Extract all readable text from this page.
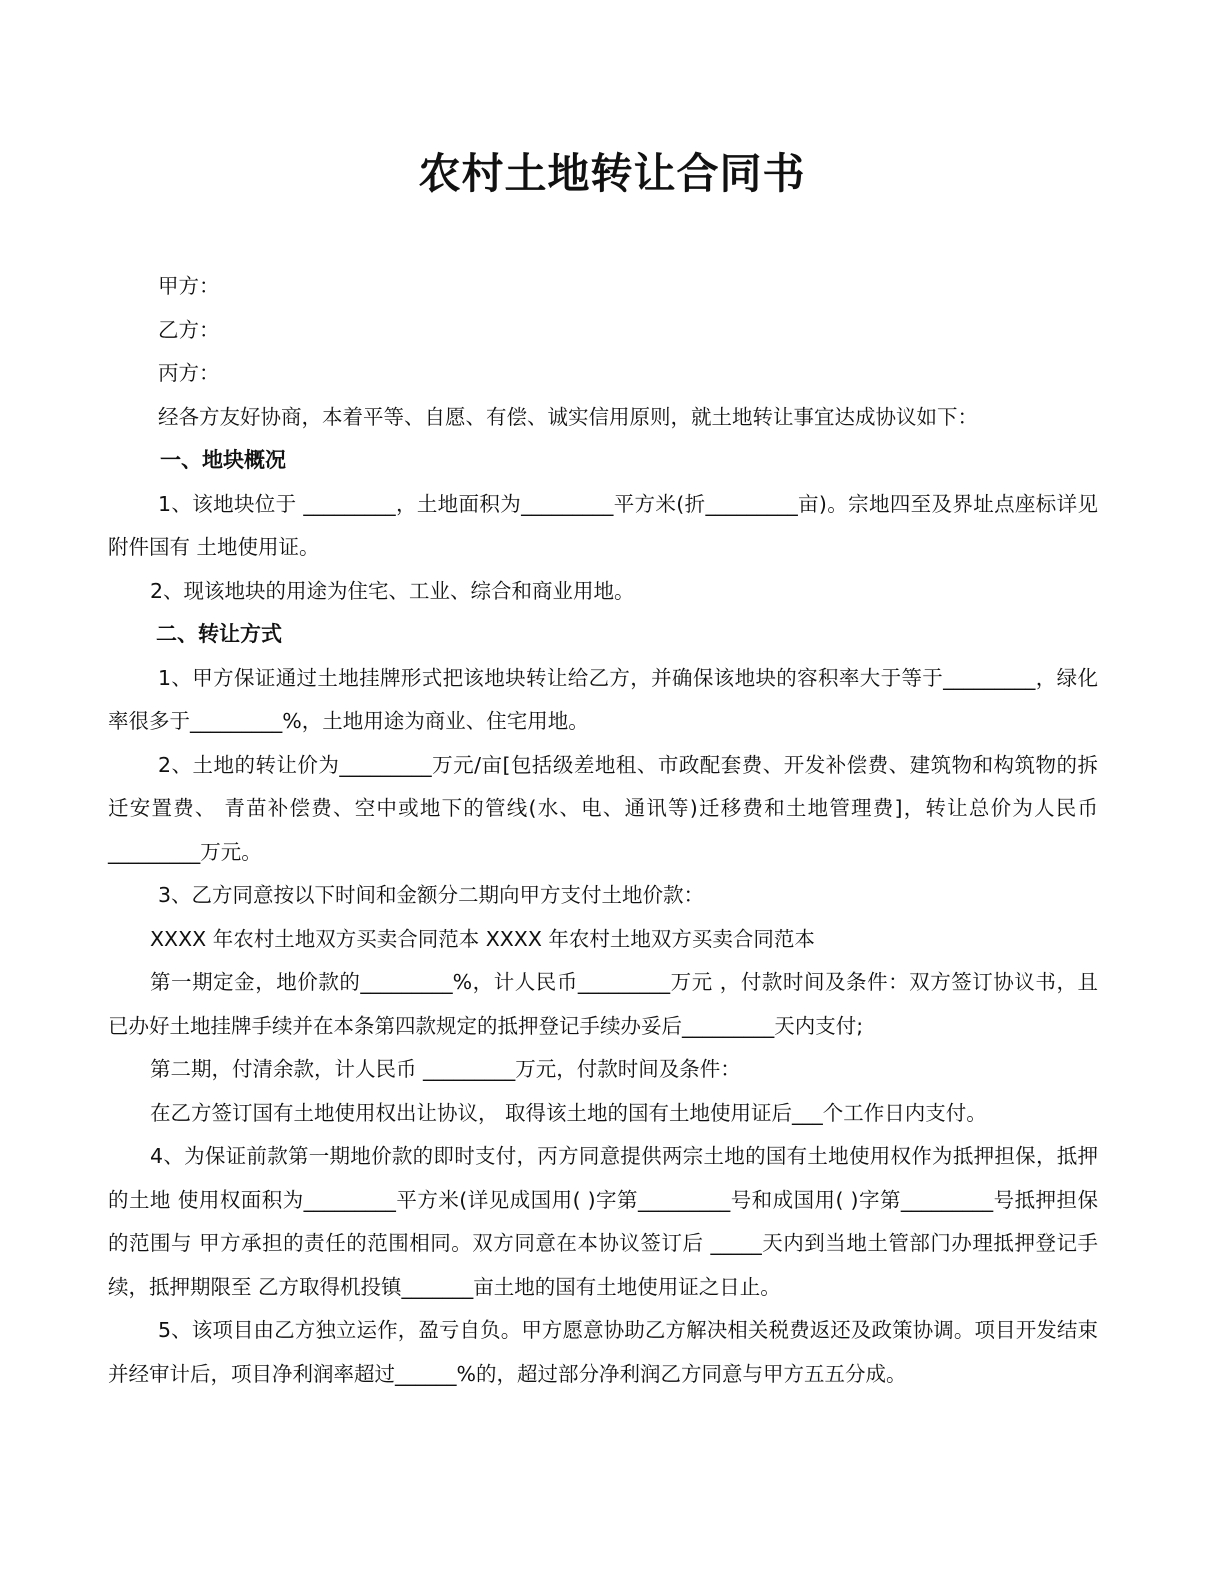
农村土地转让合同书

甲方：

乙方：

丙方：

经各方友好协商，本着平等、自愿、有偿、诚实信用原则，就土地转让事宜达成协议如下：

一、地块概况

1、该地块位于 _________，土地面积为_________平方米(折_________亩)。宗地四至及界址点座标详见附件国有 土地使用证。

2、现该地块的用途为住宅、工业、综合和商业用地。

二、转让方式

1、甲方保证通过土地挂牌形式把该地块转让给乙方，并确保该地块的容积率大于等于_________，绿化率很多于_________%，土地用途为商业、住宅用地。

2、土地的转让价为_________万元/亩[包括级差地租、市政配套费、开发补偿费、建筑物和构筑物的拆迁安置费、 青苗补偿费、空中或地下的管线(水、电、通讯等)迁移费和土地管理费]，转让总价为人民币_________万元。

3、乙方同意按以下时间和金额分二期向甲方支付土地价款：

XXXX 年农村土地双方买卖合同范本 XXXX 年农村土地双方买卖合同范本

第一期定金，地价款的_________%，计人民币_________万元 ，付款时间及条件：双方签订协议书，且已办好土地挂牌手续并在本条第四款规定的抵押登记手续办妥后_________天内支付;

第二期，付清余款，计人民币 _________万元，付款时间及条件：

在乙方签订国有土地使用权出让协议， 取得该土地的国有土地使用证后___个工作日内支付。

4、为保证前款第一期地价款的即时支付，丙方同意提供两宗土地的国有土地使用权作为抵押担保，抵押的土地 使用权面积为_________平方米(详见成国用( )字第_________号和成国用( )字第_________号抵押担保的范围与 甲方承担的责任的范围相同。双方同意在本协议签订后 _____天内到当地土管部门办理抵押登记手续，抵押期限至 乙方取得机投镇_______亩土地的国有土地使用证之日止。

5、该项目由乙方独立运作，盈亏自负。甲方愿意协助乙方解决相关税费返还及政策协调。项目开发结束并经审计后，项目净利润率超过______%的，超过部分净利润乙方同意与甲方五五分成。
